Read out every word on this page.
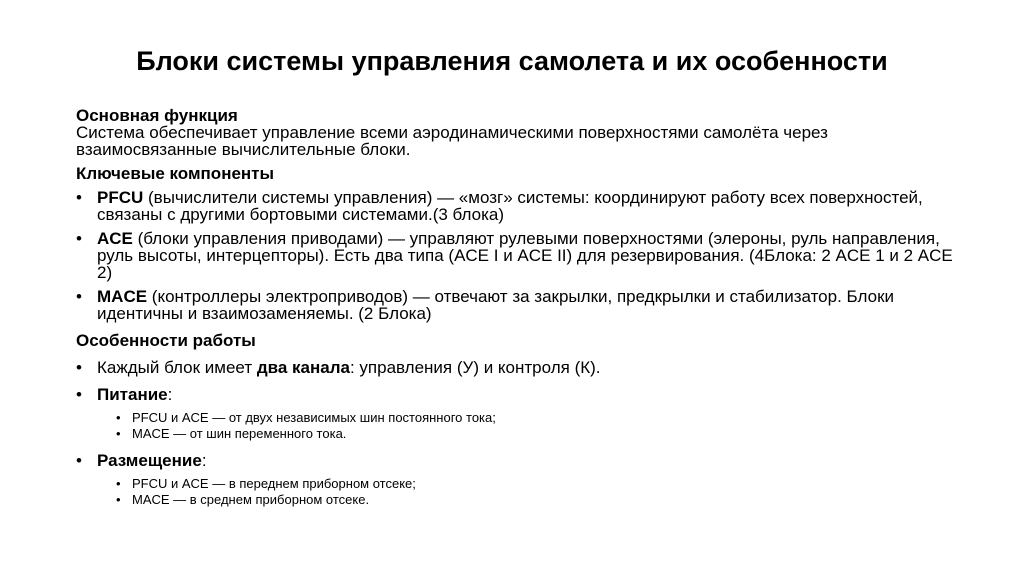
Блоки системы управления самолета и их особенности
Основная функция
Система обеспечивает управление всеми аэродинамическими поверхностями самолёта через взаимосвязанные вычислительные блоки.
Ключевые компоненты
• PFCU (вычислители системы управления) — «мозг» системы: координируют работу всех поверхностей, связаны с другими бортовыми системами.(3 блока)
• ACE (блоки управления приводами) — управляют рулевыми поверхностями (элероны, руль направления, руль высоты, интерцепторы). Есть два типа (ACE I и ACE II) для резервирования. (4Блока: 2 ACE 1 и 2 ACE 2)
• MACE (контроллеры электроприводов) — отвечают за закрылки, предкрылки и стабилизатор. Блоки идентичны и взаимозаменяемы. (2 Блока)
Особенности работы
• Каждый блок имеет два канала: управления (У) и контроля (К).
• Питание:
• PFCU и ACE — от двух независимых шин постоянного тока;
• MACE — от шин переменного тока.
• Размещение:
• PFCU и ACE — в переднем приборном отсеке;
• MACE — в среднем приборном отсеке.
